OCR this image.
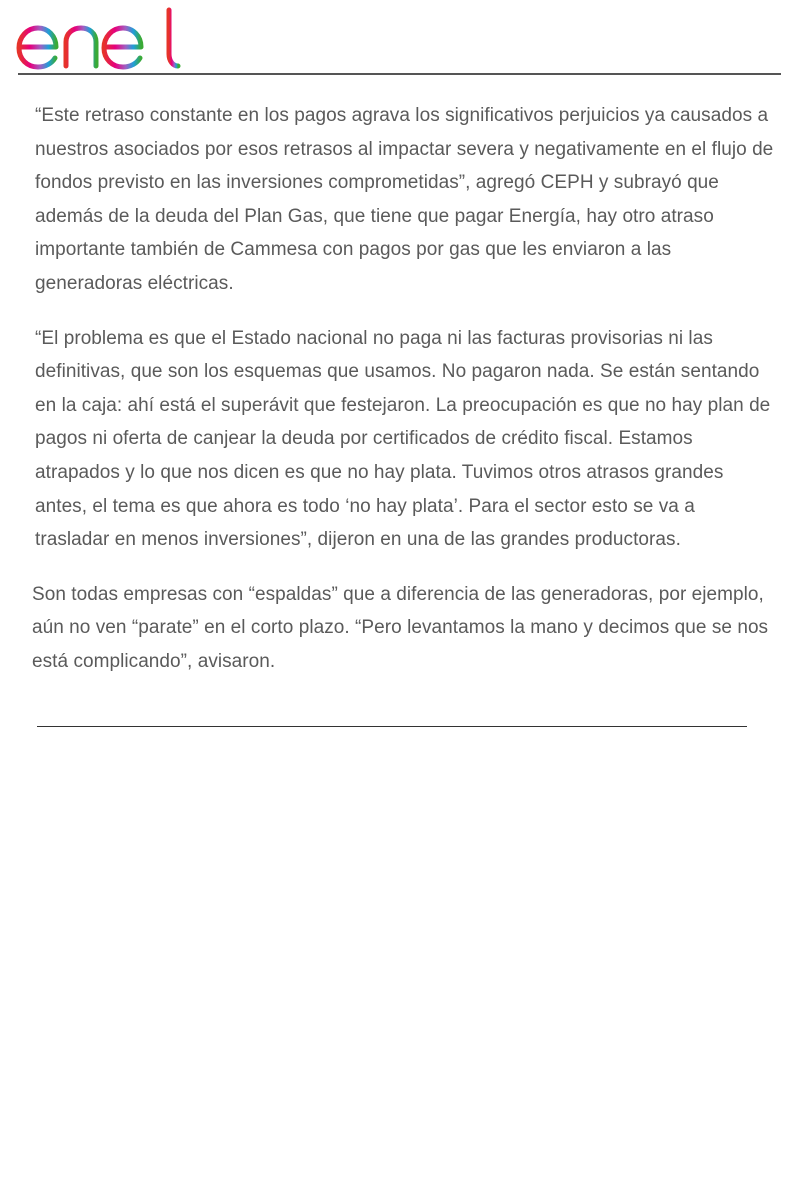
“Este retraso constante en los pagos agrava los significativos perjuicios ya causados a nuestros asociados por esos retrasos al impactar severa y negativamente en el flujo de fondos previsto en las inversiones comprometidas”, agregó CEPH y subrayó que además de la deuda del Plan Gas, que tiene que pagar Energía, hay otro atraso importante también de Cammesa con pagos por gas que les enviaron a las generadoras eléctricas.

“El problema es que el Estado nacional no paga ni las facturas provisorias ni las definitivas, que son los esquemas que usamos. No pagaron nada. Se están sentando en la caja: ahí está el superávit que festejaron. La preocupación es que no hay plan de pagos ni oferta de canjear la deuda por certificados de crédito fiscal. Estamos atrapados y lo que nos dicen es que no hay plata. Tuvimos otros atrasos grandes antes, el tema es que ahora es todo ‘no hay plata’. Para el sector esto se va a trasladar en menos inversiones”, dijeron en una de las grandes productoras.

Son todas empresas con “espaldas” que a diferencia de las generadoras, por ejemplo, aún no ven “parate” en el corto plazo. “Pero levantamos la mano y decimos que se nos está complicando”, avisaron.
